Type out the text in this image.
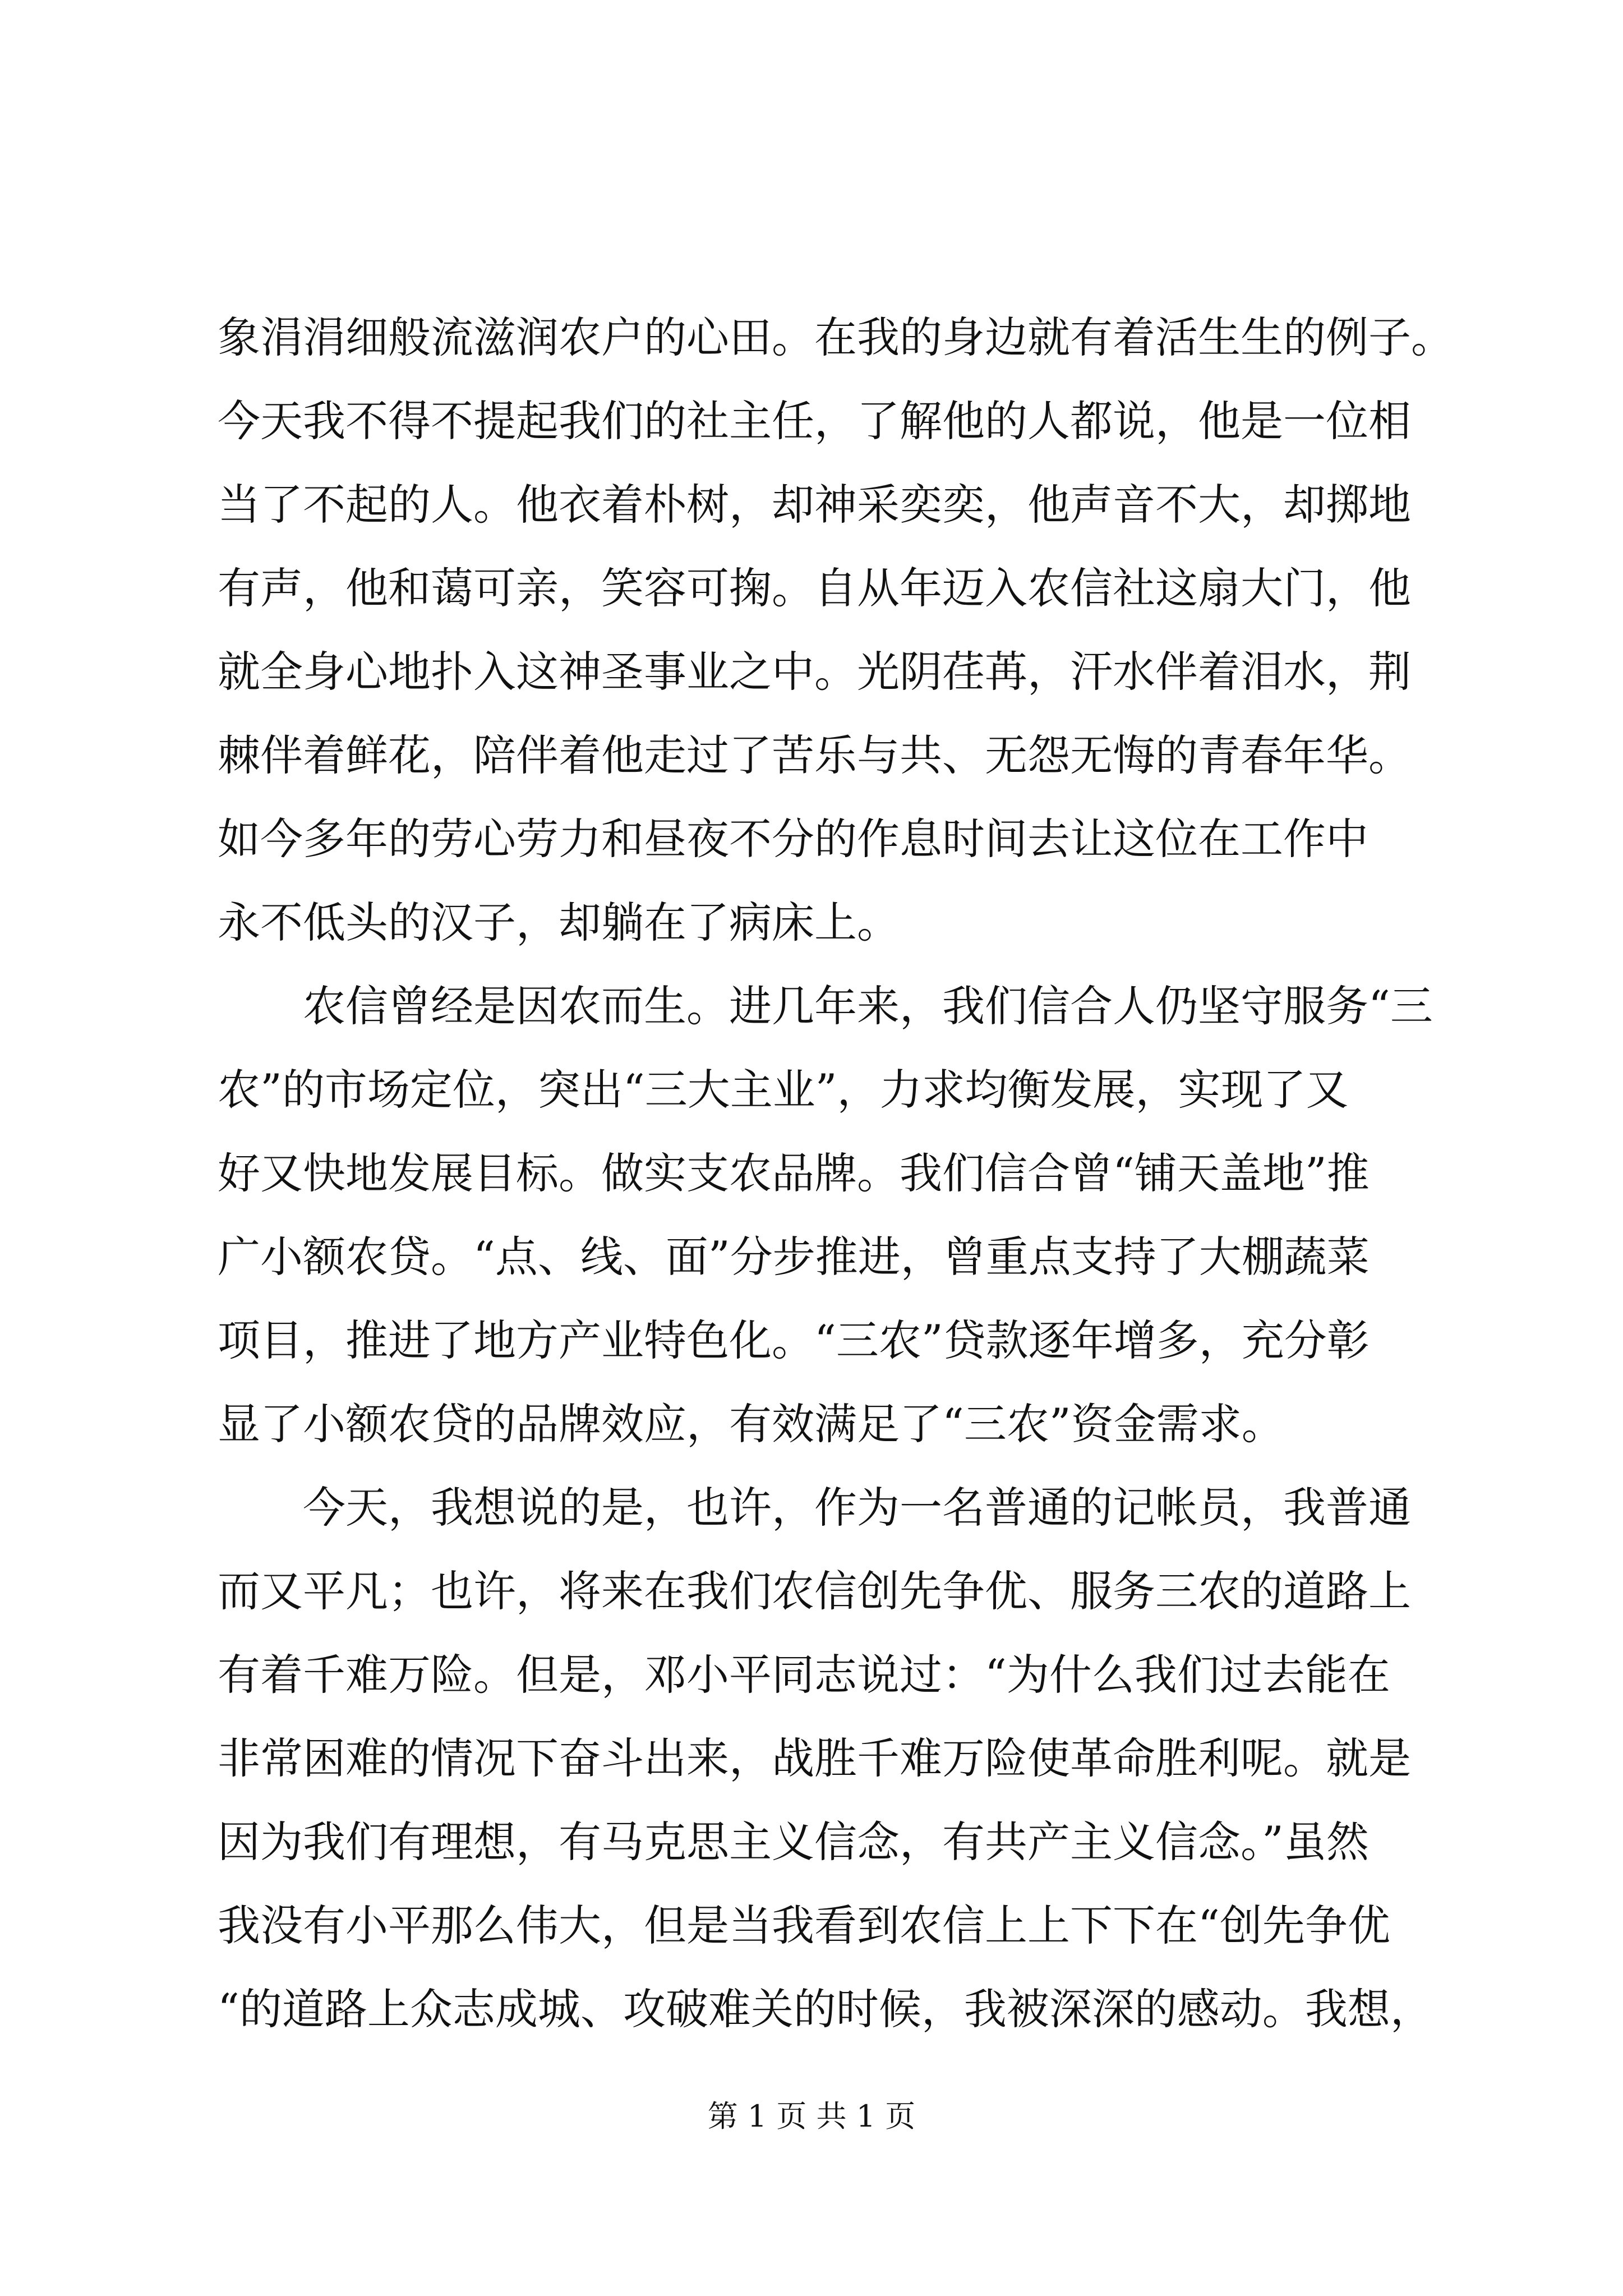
象涓涓细般流滋润农户的心田。在我的身边就有着活生生的例子。
今天我不得不提起我们的社主任，了解他的人都说，他是一位相
当了不起的人。他衣着朴树，却神采奕奕，他声音不大，却掷地
有声，他和蔼可亲，笑容可掬。自从年迈入农信社这扇大门，他
就全身心地扑入这神圣事业之中。光阴荏苒，汗水伴着泪水，荆
棘伴着鲜花，陪伴着他走过了苦乐与共、无怨无悔的青春年华。
如今多年的劳心劳力和昼夜不分的作息时间去让这位在工作中
永不低头的汉子，却躺在了病床上。
农信曾经是因农而生。进几年来，我们信合人仍坚守服务“三
农”的市场定位，突出“三大主业”，力求均衡发展，实现了又
好又快地发展目标。做实支农品牌。我们信合曾“铺天盖地”推
广小额农贷。“点、线、面”分步推进，曾重点支持了大棚蔬菜
项目，推进了地方产业特色化。“三农”贷款逐年增多，充分彰
显了小额农贷的品牌效应，有效满足了“三农”资金需求。
今天，我想说的是，也许，作为一名普通的记帐员，我普通
而又平凡；也许，将来在我们农信创先争优、服务三农的道路上
有着千难万险。但是，邓小平同志说过：“为什么我们过去能在
非常困难的情况下奋斗出来，战胜千难万险使革命胜利呢。就是
因为我们有理想，有马克思主义信念，有共产主义信念。”虽然
我没有小平那么伟大，但是当我看到农信上上下下在“创先争优
“的道路上众志成城、攻破难关的时候，我被深深的感动。我想，
第 1 页 共 1 页
